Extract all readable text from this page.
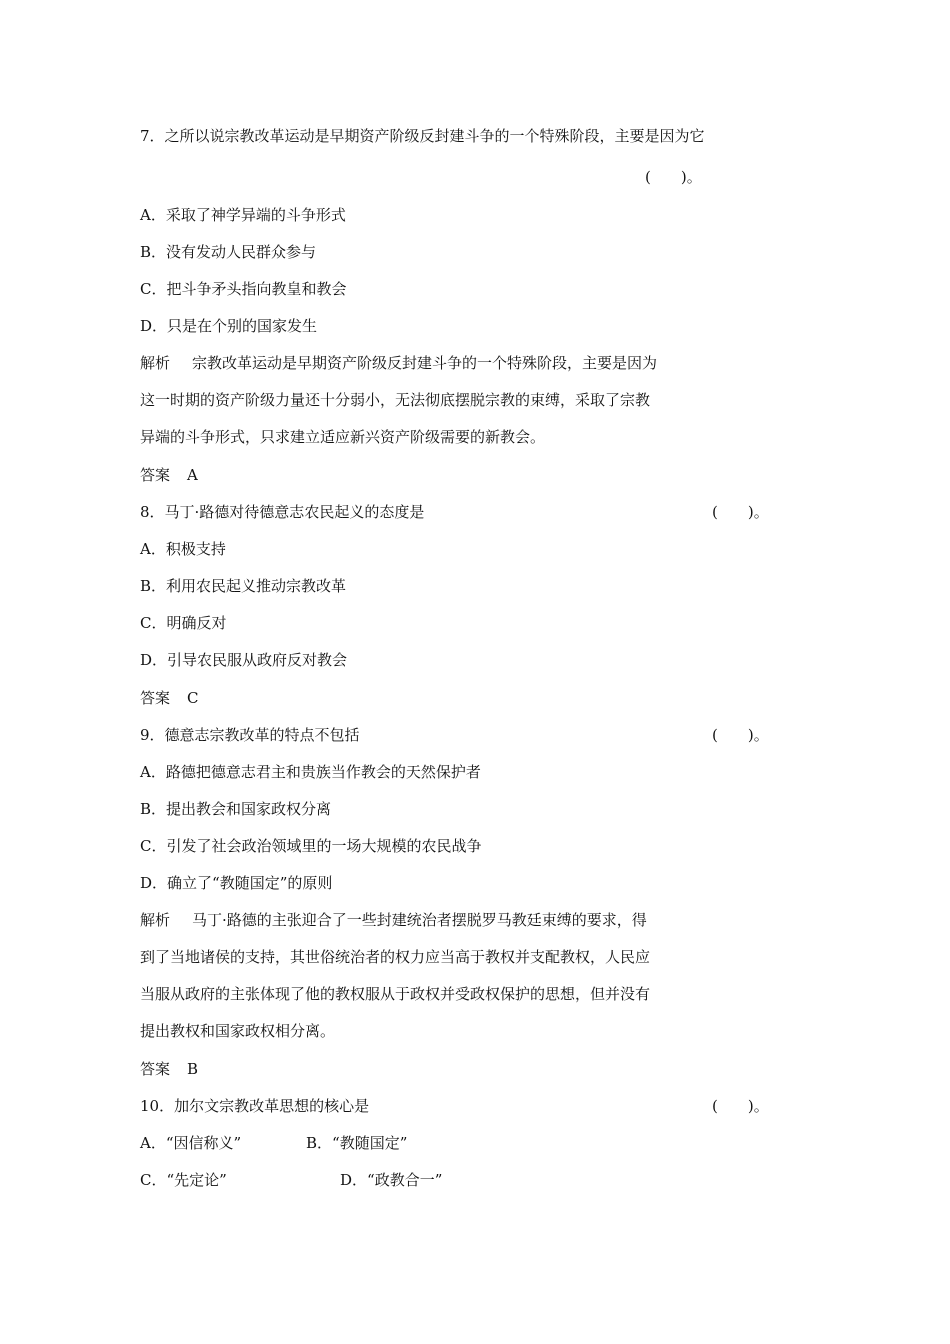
7．之所以说宗教改革运动是早期资产阶级反封建斗争的一个特殊阶段，主要是因为它

(　　)。

A．采取了神学异端的斗争形式

B．没有发动人民群众参与

C．把斗争矛头指向教皇和教会

D．只是在个别的国家发生

解析 宗教改革运动是早期资产阶级反封建斗争的一个特殊阶段，主要是因为

这一时期的资产阶级力量还十分弱小，无法彻底摆脱宗教的束缚，采取了宗教

异端的斗争形式，只求建立适应新兴资产阶级需要的新教会。

答案 A

8．马丁·路德对待德意志农民起义的态度是	(　　)。

A．积极支持

B．利用农民起义推动宗教改革

C．明确反对

D．引导农民服从政府反对教会

答案 C

9．德意志宗教改革的特点不包括	(　　)。

A．路德把德意志君主和贵族当作教会的天然保护者

B．提出教会和国家政权分离

C．引发了社会政治领域里的一场大规模的农民战争

D．确立了“教随国定”的原则

解析 马丁·路德的主张迎合了一些封建统治者摆脱罗马教廷束缚的要求，得

到了当地诸侯的支持，其世俗统治者的权力应当高于教权并支配教权，人民应

当服从政府的主张体现了他的教权服从于政权并受政权保护的思想，但并没有

提出教权和国家政权相分离。

答案 B

10．加尔文宗教改革思想的核心是	(　　)。

A．“因信称义”	B．“教随国定”

C．“先定论”	D．“政教合一”
